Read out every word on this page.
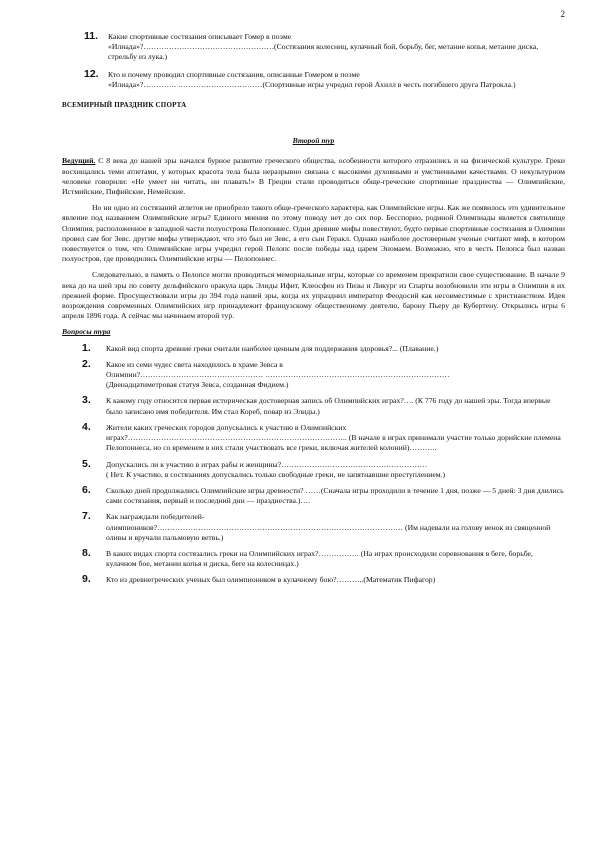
2
11. Какие спортивные состязания описывает Гомер в поэме
«Илиада»?……………………………………………(Состязания колесниц, кулачный бой, борьбу, бег, метание копья, метание диска, стрельбу из лука.)
12. Кто и почему проводил спортивные состязания, описанные Гомером в поэме
«Илиада»?…………. ……………………………(Спортивные игры учредил герой Ахилл в честь погибшего друга Патрокла.)
ВСЕМИРНЫЙ ПРАЗДНИК СПОРТА
Второй тур

Ведущий. С 8 века до нашей эры начался бурное развитие греческого общества, особенности которого отразились и на физической культуре. Греки восхищались теми атлетами, у которых красота тела была неразрывно связана с высокими духовными и умственными качествами. О некультурном человеке говорили: «Не умеет ни читать, ни плавать!» В Греции стали проводиться обще-греческие спортивные празднества — Олимпийские, Истмийские, Пифийские, Немейские.

Но ни одно из состязаний атлетов не приобрело такого обще-греческого характера, как Олимпийские игры. Как же появилось это удивительное явление под названием Олимпийские игры? Единого мнения по этому поводу нет до сих пор. Бесспорно, родиной Олимпиады является святилище Олимпия, расположенное в западной части полуострова Пелопоннес. Одни древние мифы повествуют, будто первые спортивные состязания в Олимпии провел сам бог Зевс. другие мифы утверждают, что это был не Зевс, а его сын Геракл. Однако наиболее достоверным ученые считают миф, в котором повествуется о том, что Олимпийские игры учредил герой Пелопс после победы над царем Эномаем. Возможно, что в честь Пелопса был назван полуостров, где проводились Олимпийские игры — Пелопоннес.

Следовательно, в память о Пелопсе могли проводиться мемориальные игры, которые со временем прекратили свое существование. В начале 9 века до на шей эры по совету дельфийского оракула царь Элиды Ифит, Клеосфен из Пизы и Ликург из Спарты возобновили эти игры в Олимпии в их прежней форме. Просуществовали игры до 394 года нашей эры, когда их упразднил император Феодосий как несовместимые с христианством. Идея возрождения современных Олимпийских игр принадлежит французскому общественному деятелю, барону Пьеру де Кубертену. Открылись игры 6 апреля 1896 года. А сейчас мы начинаем второй тур.

Вопросы тура
1. Какой вид спорта древние греки считали наиболее ценным для поддержания здоровья?... (Плавание.)
2. Какое из семи чудес света находилось в храме Зевса в
Олимпии?………………………………………… ………………………………………………………………
(Двенадцатиметровая статуя Зевса, созданная Фидием.)
3. К какому году относится первая историческая достоверная запись об Олимпийских играх?…. (К 776 году до нашей эры. Тогда впервые было записано имя победителя. Им стал Кореб, повар из Элиды.)
4. Жители каких греческих городов допускались к участию в Олимпийских
играх?………………………………………………………………………….. (В начале в играх принимали участие только дорийские племена Пелопоннеса, но со временем в них стали участвовать все греки, включая жителей колоний)………..
5. Допускались ли к участию в играх рабы и женщины?…………………………………………………
( Нет. К участию, в состязаниях допускались только свободные греки, не запятнавшие преступлением.)
6. Сколько дней продолжались Олимпийские игры древности? ……(Сначала игры проходили в течение 1 дня, позже — 5 дней: 3 дня длились сами состязания, первый и последний дни — празднества.)….
7. Как награждали победителей-
олимпиоников?…………………………………………………………………………………… (Им надевали на голову венок из священной оливы и вручали пальмовую ветвь.)
8. В каких видах спорта состязались греки на Олимпийских играх?……………. (На играх происходили соревнования в беге, борьбе, кулачном бое, метании копья и диска, беге на колесницах.)
9. Кто из древнегреческих ученых был олимпиоником в кулачному бою?………..(Математик Пифагор)
